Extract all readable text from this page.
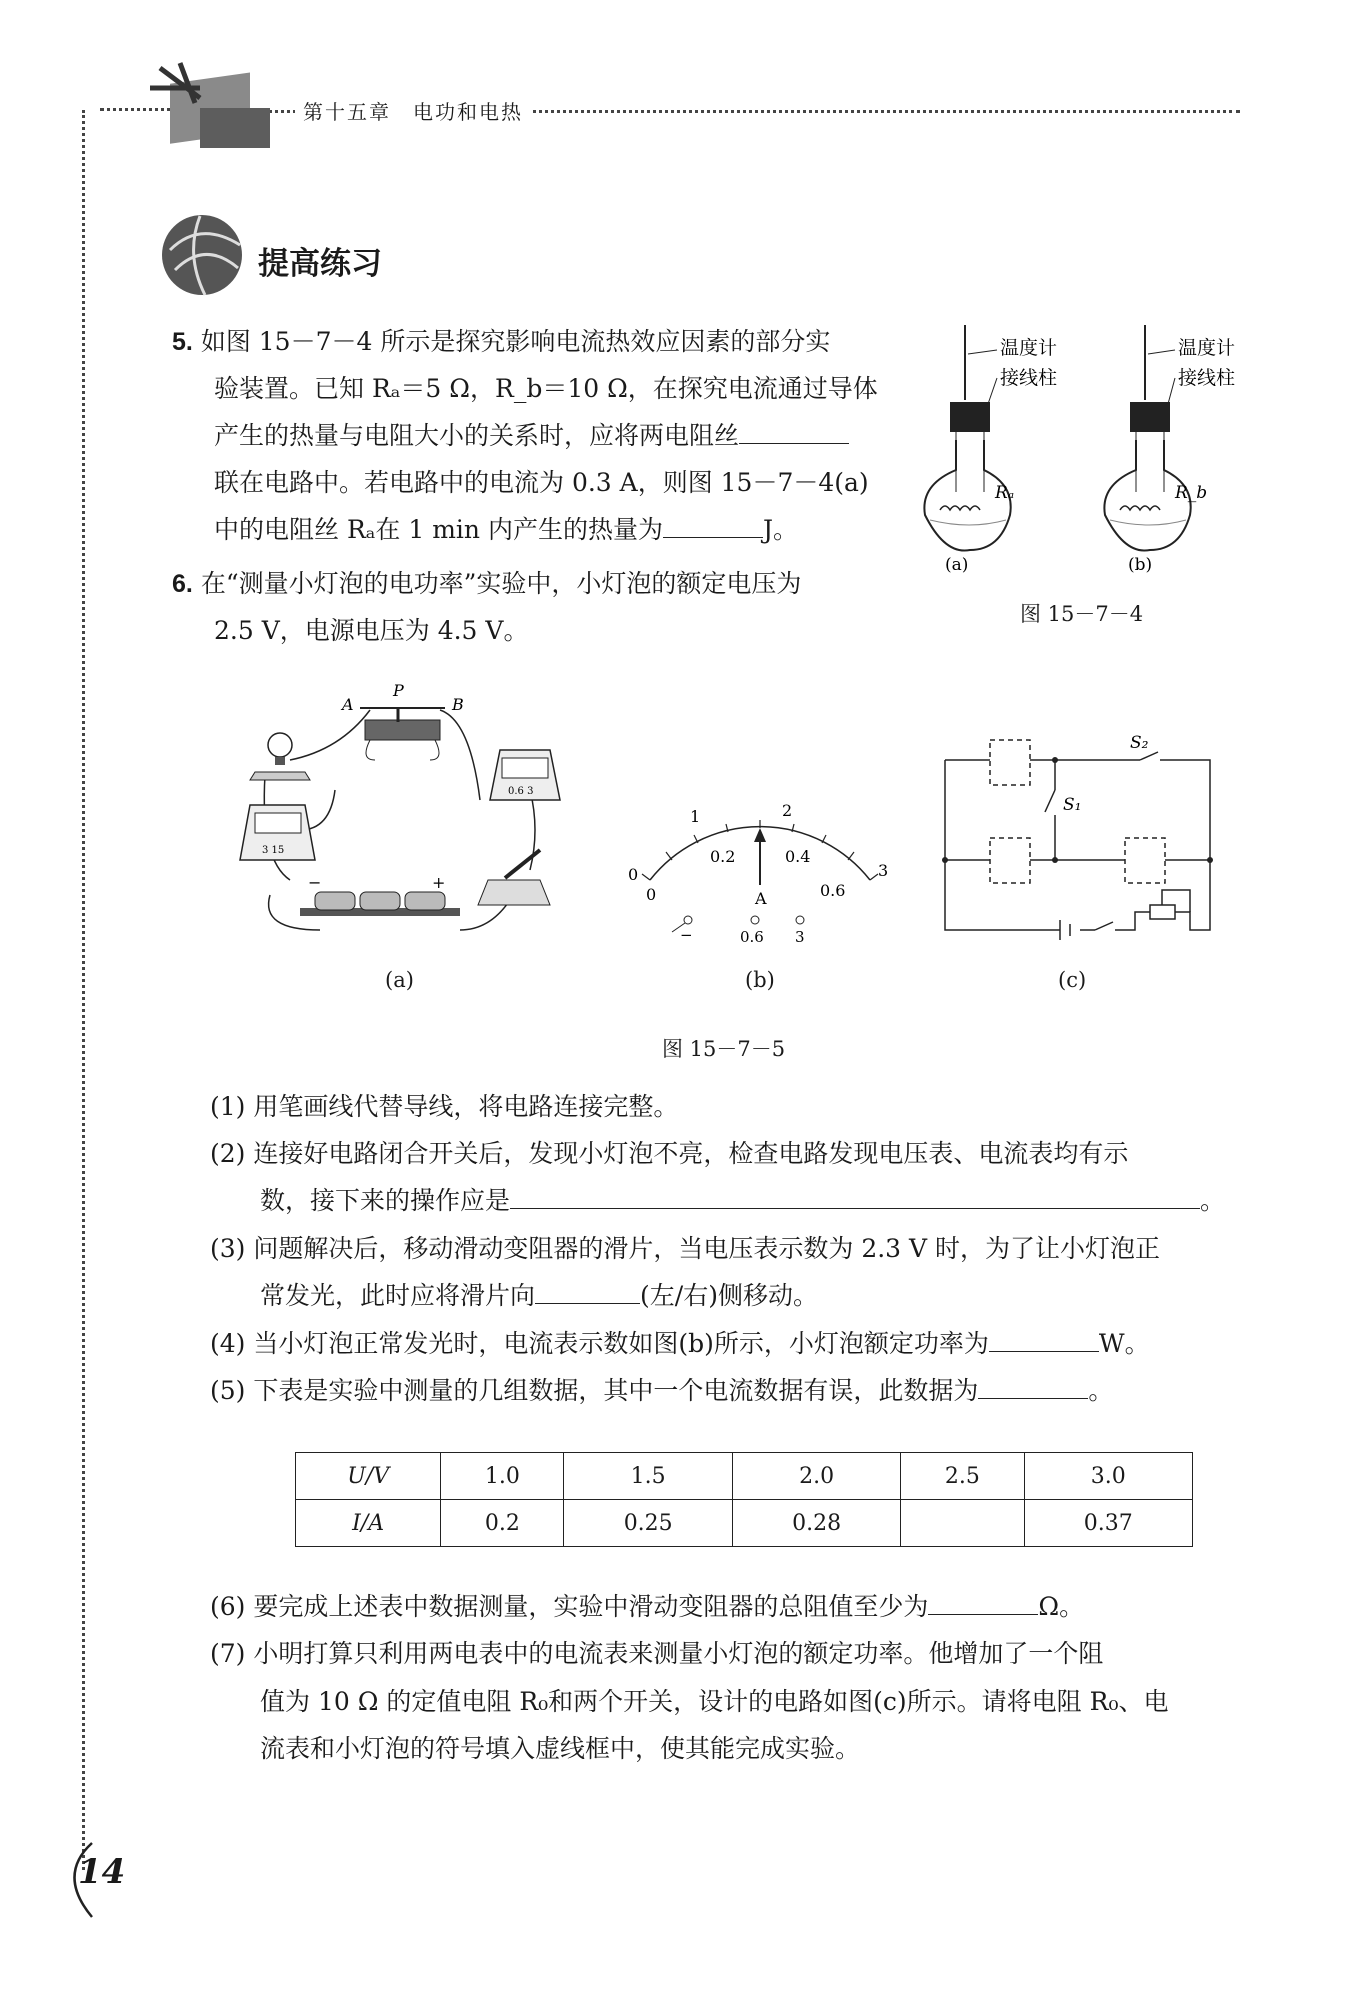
第十五章　电功和电热
提高练习
5. 如图 15－7－4 所示是探究影响电流热效应因素的部分实
验装置。已知 Rₐ＝5 Ω，R_b＝10 Ω，在探究电流通过导体
产生的热量与电阻大小的关系时，应将两电阻丝
联在电路中。若电路中的电流为 0.3 A，则图 15－7－4(a)
中的电阻丝 Rₐ在 1 min 内产生的热量为	J。
Rₐ
(a)
温度计
接线柱
R_b
(b)
温度计
接线柱
图 15－7－4
6. 在“测量小灯泡的电功率”实验中，小灯泡的额定电压为
2.5 V，电源电压为 4.5 V。
A
P
B
0.6 3
3 15
−	+
(a)
0
1	2
3
0
0.2	0.4
0.6
A
−	0.6 3
(b)
S₂
S₁
(c)
图 15－7－5
(1) 用笔画线代替导线，将电路连接完整。
(2) 连接好电路闭合开关后，发现小灯泡不亮，检查电路发现电压表、电流表均有示
数，接下来的操作应是	。
(3) 问题解决后，移动滑动变阻器的滑片，当电压表示数为 2.3 V 时，为了让小灯泡正
常发光，此时应将滑片向	(左/右)侧移动。
(4) 当小灯泡正常发光时，电流表示数如图(b)所示，小灯泡额定功率为	W。
(5) 下表是实验中测量的几组数据，其中一个电流数据有误，此数据为	。
U/V	1.0	1.5	2.0	2.5	3.0
I/A	0.2	0.25	0.28		0.37
(6) 要完成上述表中数据测量，实验中滑动变阻器的总阻值至少为	Ω。
(7) 小明打算只利用两电表中的电流表来测量小灯泡的额定功率。他增加了一个阻
值为 10 Ω 的定值电阻 R₀和两个开关，设计的电路如图(c)所示。请将电阻 R₀、电
流表和小灯泡的符号填入虚线框中，使其能完成实验。
14
